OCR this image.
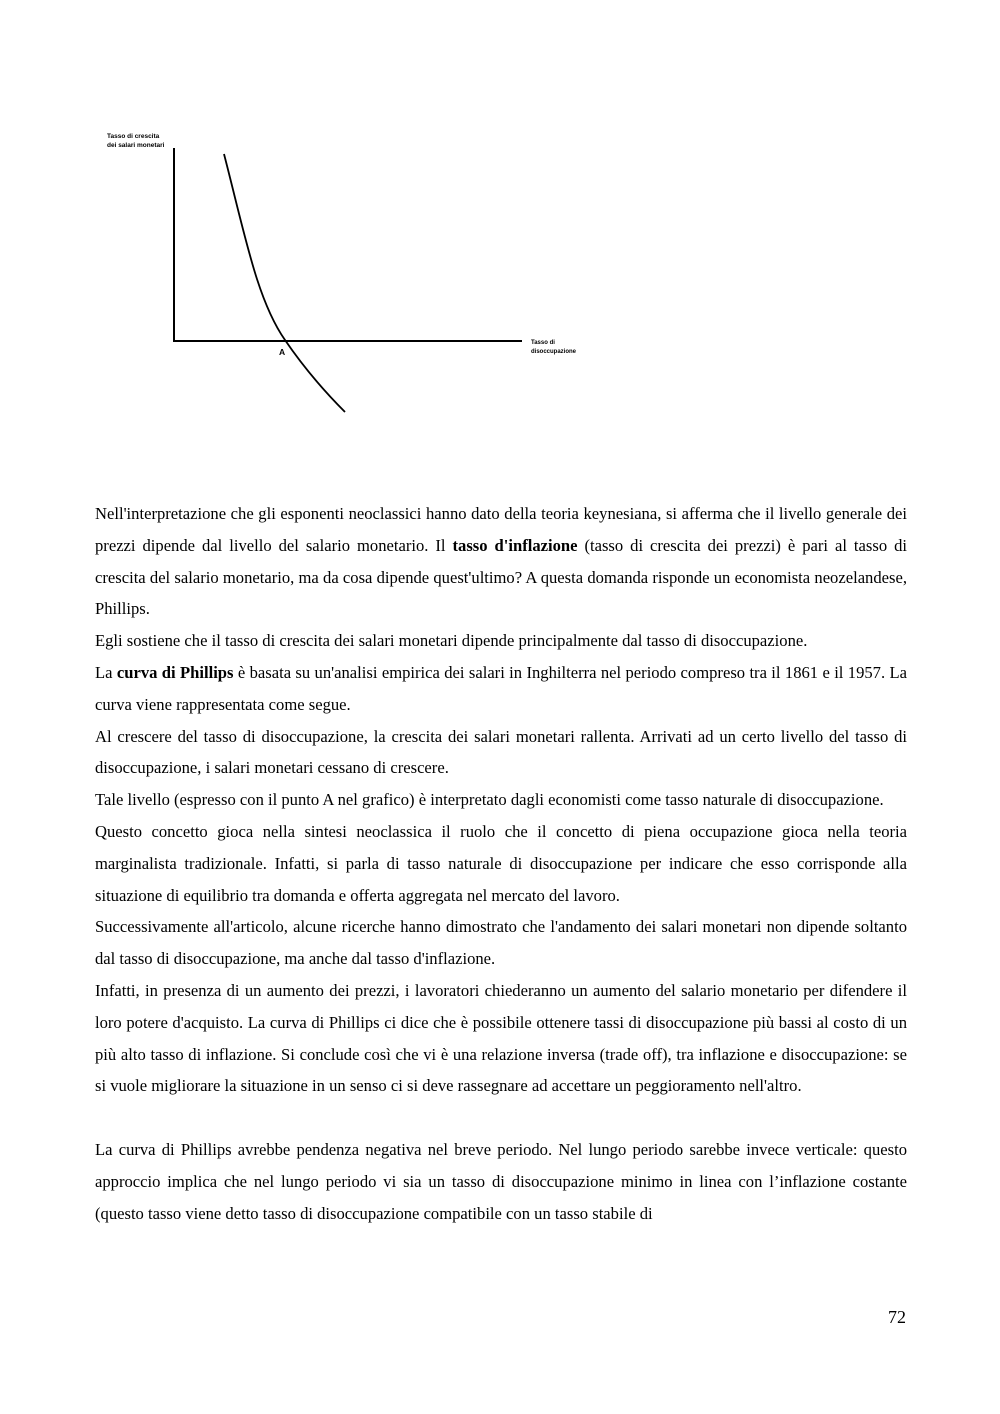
Tasso di crescita
dei salari monetari
A
Tasso di
disoccupazione

Nell'interpretazione che gli esponenti neoclassici hanno dato della teoria keynesiana, si afferma che il livello generale dei prezzi dipende dal livello del salario monetario. Il tasso d'inflazione (tasso di crescita dei prezzi) è pari al tasso di crescita del salario monetario, ma da cosa dipende quest'ultimo? A questa domanda risponde un economista neozelandese, Phillips.

Egli sostiene che il tasso di crescita dei salari monetari dipende principalmente dal tasso di disoccupazione.

La curva di Phillips è basata su un'analisi empirica dei salari in Inghilterra nel periodo compreso tra il 1861 e il 1957. La curva viene rappresentata come segue.

Al crescere del tasso di disoccupazione, la crescita dei salari monetari rallenta. Arrivati ad un certo livello del tasso di disoccupazione, i salari monetari cessano di crescere.

Tale livello (espresso con il punto A nel grafico) è interpretato dagli economisti come tasso naturale di disoccupazione.

Questo concetto gioca nella sintesi neoclassica il ruolo che il concetto di piena occupazione gioca nella teoria marginalista tradizionale. Infatti, si parla di tasso naturale di disoccupazione per indicare che esso corrisponde alla situazione di equilibrio tra domanda e offerta aggregata nel mercato del lavoro.

Successivamente all'articolo, alcune ricerche hanno dimostrato che l'andamento dei salari monetari non dipende soltanto dal tasso di disoccupazione, ma anche dal tasso d'inflazione.

Infatti, in presenza di un aumento dei prezzi, i lavoratori chiederanno un aumento del salario monetario per difendere il loro potere d'acquisto. La curva di Phillips ci dice che è possibile ottenere tassi di disoccupazione più bassi al costo di un più alto tasso di inflazione. Si conclude così che vi è una relazione inversa (trade off), tra inflazione e disoccupazione: se si vuole migliorare la situazione in un senso ci si deve rassegnare ad accettare un peggioramento nell'altro.

La curva di Phillips avrebbe pendenza negativa nel breve periodo. Nel lungo periodo sarebbe invece verticale: questo approccio implica che nel lungo periodo vi sia un tasso di disoccupazione minimo in linea con l’inflazione costante (questo tasso viene detto tasso di disoccupazione compatibile con un tasso stabile di

72
